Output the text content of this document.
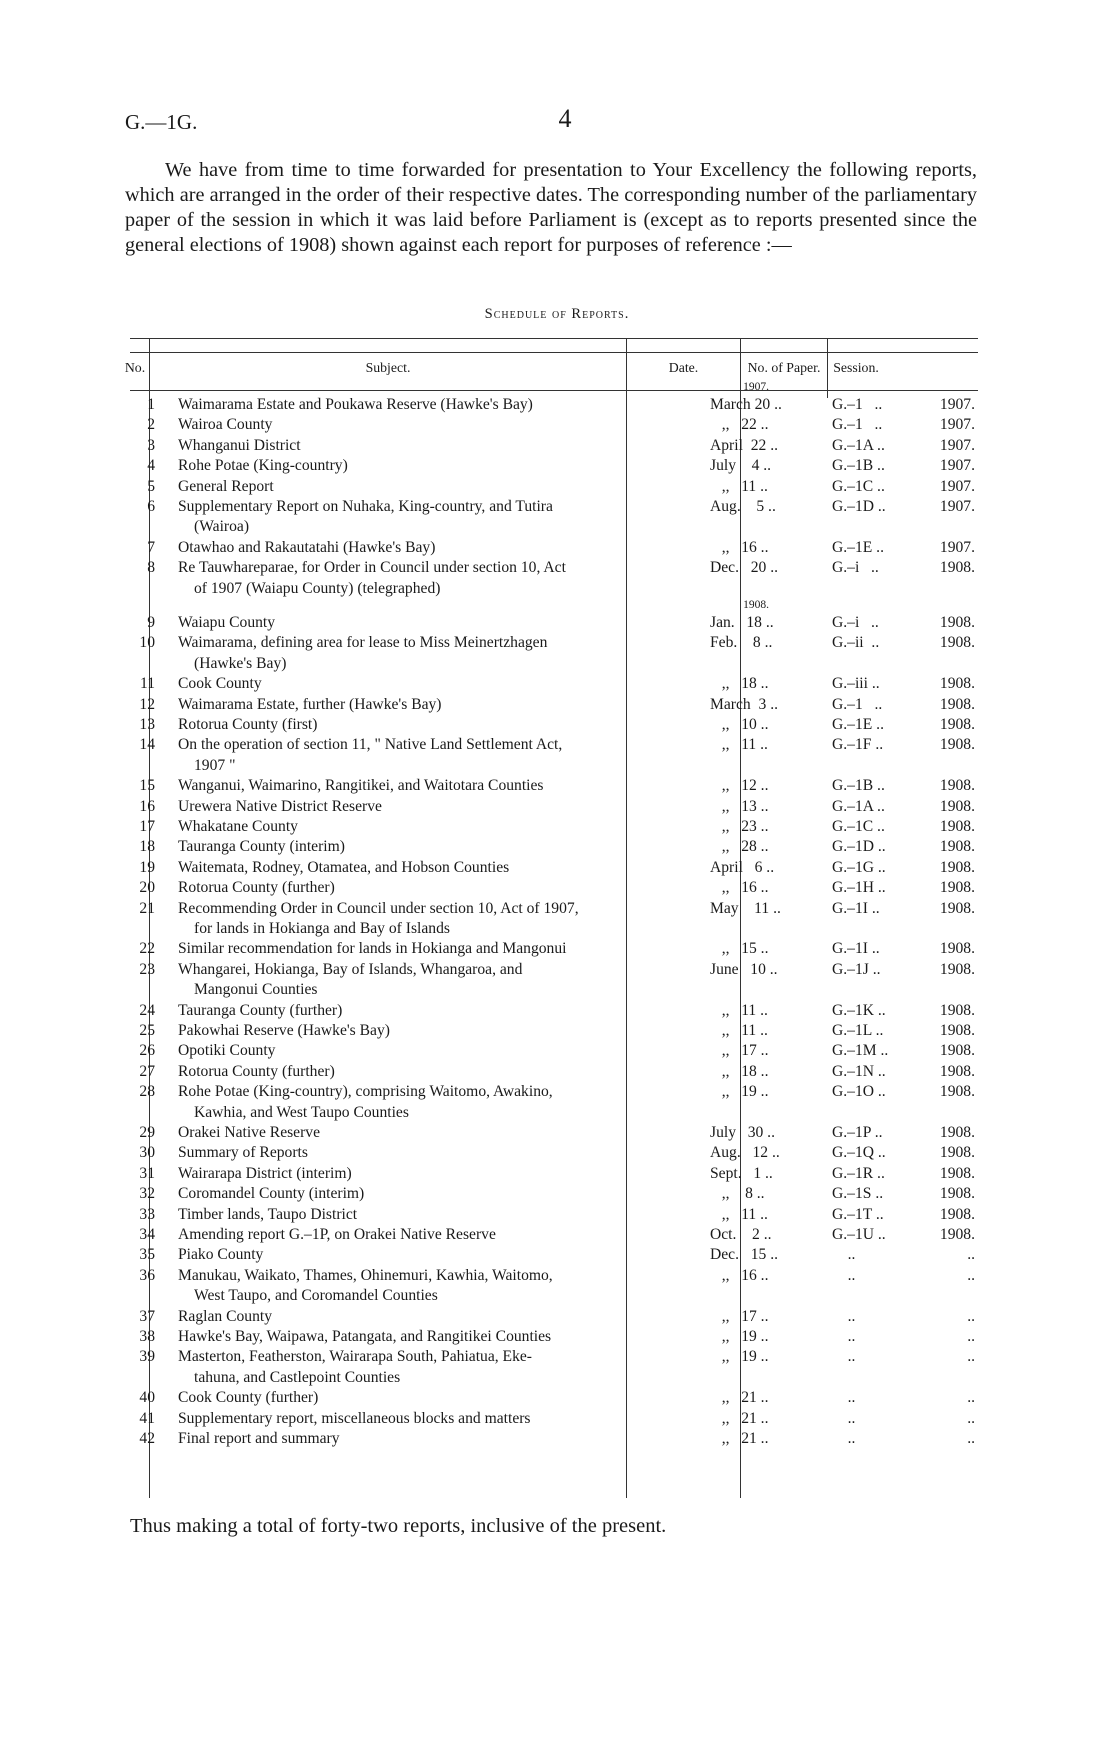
G.—1G.	4

We have from time to time forwarded for presentation to Your Excellency the following reports, which are arranged in the order of their respective dates. The corresponding number of the parliamentary paper of the session in which it was laid before Parliament is (except as to reports presented since the general elections of 1908) shown against each report for purposes of reference :—

Schedule of Reports.
No.	Subject.	Date.	No. of Paper. Session.
1907.
1908.
1 Waimarama Estate and Poukawa Reserve (Hawke's Bay)	March 20 ..	G.–1   ..	1907.
2 Wairoa County	,,   22 ..	G.–1   ..	1907.
3 Whanganui District	April  22 ..	G.–1A ..	1907.
4 Rohe Potae (King-country)	July    4 ..	G.–1B ..	1907.
5 General Report	,,   11 ..	G.–1C ..	1907.
6 Supplementary Report on Nuhaka, King-country, and Tutira
(Wairoa)
Aug.    5 ..	G.–1D ..	1907.
7 Otawhao and Rakautatahi (Hawke's Bay)	,,   16 ..	G.–1E ..	1907.
8 Re Tauwhareparae, for Order in Council under section 10, Act
of 1907 (Waiapu County) (telegraphed)
Dec.   20 ..	G.–i   ..	1908.
9 Waiapu County	Jan.   18 ..	G.–i   ..	1908.
10 Waimarama, defining area for lease to Miss Meinertzhagen
(Hawke's Bay)
Feb.    8 ..	G.–ii  ..	1908.
11 Cook County	,,   18 ..	G.–iii ..	1908.
12 Waimarama Estate, further (Hawke's Bay)	March  3 ..	G.–1   ..	1908.
13 Rotorua County (first)	,,   10 ..	G.–1E ..	1908.
14 On the operation of section 11, " Native Land Settlement Act,
1907 "
,,   11 ..	G.–1F ..	1908.
15 Wanganui, Waimarino, Rangitikei, and Waitotara Counties	,,   12 ..	G.–1B ..	1908.
16 Urewera Native District Reserve	,,   13 ..	G.–1A ..	1908.
17 Whakatane County	,,   23 ..	G.–1C ..	1908.
18 Tauranga County (interim)	,,   28 ..	G.–1D ..	1908.
19 Waitemata, Rodney, Otamatea, and Hobson Counties	April   6 ..	G.–1G ..	1908.
20 Rotorua County (further)	,,   16 ..	G.–1H ..	1908.
21 Recommending Order in Council under section 10, Act of 1907,
for lands in Hokianga and Bay of Islands
May    11 ..	G.–1I ..	1908.
22 Similar recommendation for lands in Hokianga and Mangonui	,,   15 ..	G.–1I ..	1908.
23 Whangarei, Hokianga, Bay of Islands, Whangaroa, and
Mangonui Counties
June   10 ..	G.–1J ..	1908.
24 Tauranga County (further)	,,   11 ..	G.–1K ..	1908.
25 Pakowhai Reserve (Hawke's Bay)	,,   11 ..	G.–1L ..	1908.
26 Opotiki County	,,   17 ..	G.–1M ..	1908.
27 Rotorua County (further)	,,   18 ..	G.–1N ..	1908.
28 Rohe Potae (King-country), comprising Waitomo, Awakino,
Kawhia, and West Taupo Counties
,,   19 ..	G.–1O ..	1908.
29 Orakei Native Reserve	July   30 ..	G.–1P ..	1908.
30 Summary of Reports	Aug.   12 ..	G.–1Q ..	1908.
31 Wairarapa District (interim)	Sept.   1 ..	G.–1R ..	1908.
32 Coromandel County (interim)	,,    8 ..	G.–1S ..	1908.
33 Timber lands, Taupo District	,,   11 ..	G.–1T ..	1908.
34 Amending report G.–1P, on Orakei Native Reserve	Oct.    2 ..	G.–1U ..	1908.
35 Piako County	Dec.   15 ..	..	..
36 Manukau, Waikato, Thames, Ohinemuri, Kawhia, Waitomo,
West Taupo, and Coromandel Counties
,,   16 ..	..	..
37 Raglan County	,,   17 ..	..	..
38 Hawke's Bay, Waipawa, Patangata, and Rangitikei Counties	,,   19 ..	..	..
39 Masterton, Featherston, Wairarapa South, Pahiatua, Eke-
tahuna, and Castlepoint Counties
,,   19 ..	..	..
40 Cook County (further)	,,   21 ..	..	..
41 Supplementary report, miscellaneous blocks and matters	,,   21 ..	..	..
42 Final report and summary	,,   21 ..	..	..
Thus making a total of forty-two reports, inclusive of the present.
